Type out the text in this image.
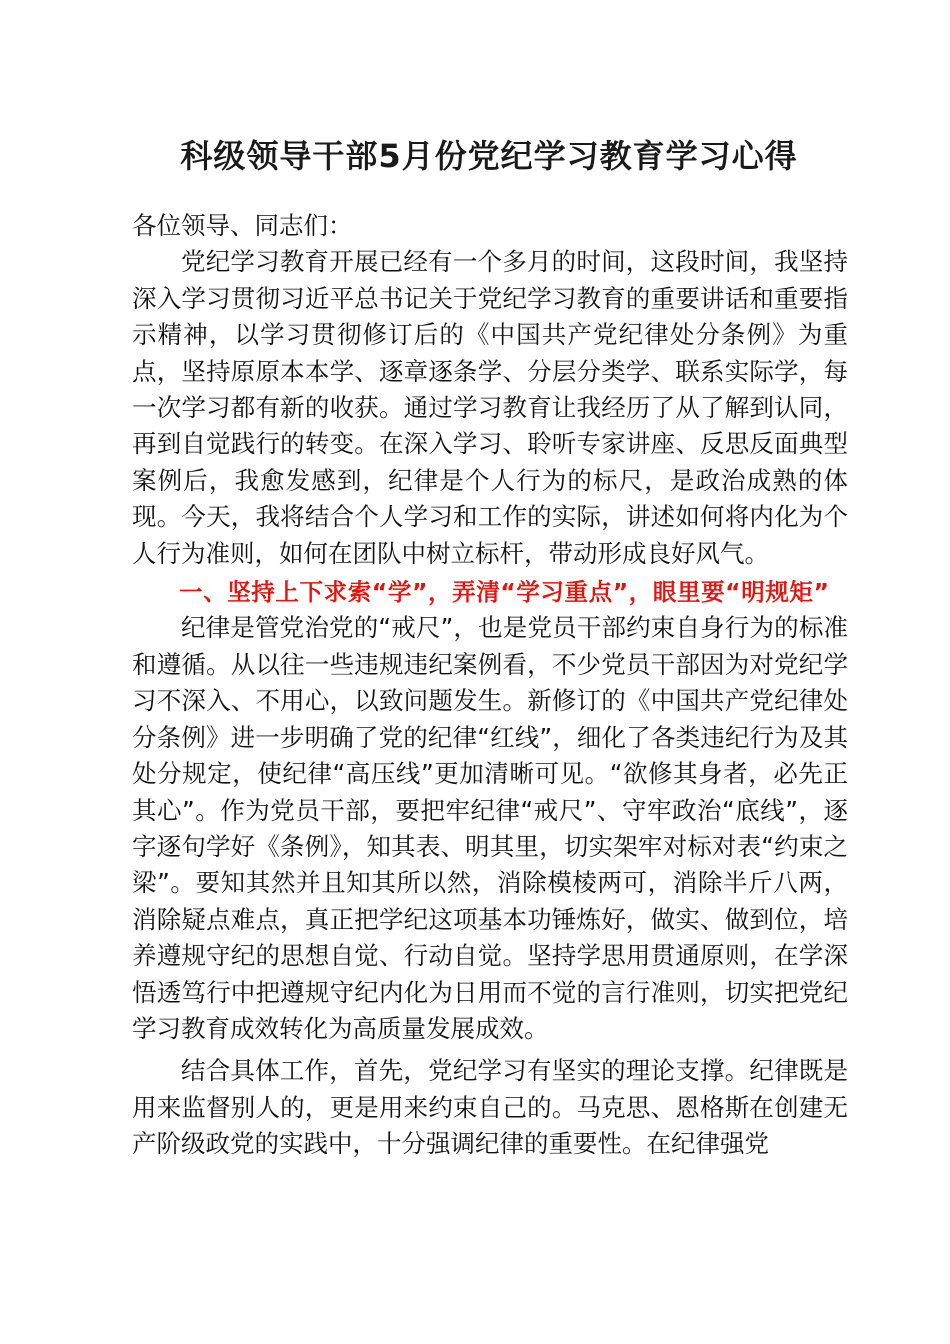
科级领导干部5月份党纪学习教育学习心得

各位领导、同志们：

党纪学习教育开展已经有一个多月的时间，这段时间，我坚持深入学习贯彻习近平总书记关于党纪学习教育的重要讲话和重要指示精神，以学习贯彻修订后的《中国共产党纪律处分条例》为重点，坚持原原本本学、逐章逐条学、分层分类学、联系实际学，每一次学习都有新的收获。通过学习教育让我经历了从了解到认同，再到自觉践行的转变。在深入学习、聆听专家讲座、反思反面典型案例后，我愈发感到，纪律是个人行为的标尺，是政治成熟的体现。今天，我将结合个人学习和工作的实际，讲述如何将内化为个人行为准则，如何在团队中树立标杆，带动形成良好风气。

一、坚持上下求索“学”，弄清“学习重点”，眼里要“明规矩”

纪律是管党治党的“戒尺”，也是党员干部约束自身行为的标准和遵循。从以往一些违规违纪案例看，不少党员干部因为对党纪学习不深入、不用心，以致问题发生。新修订的《中国共产党纪律处分条例》进一步明确了党的纪律“红线”，细化了各类违纪行为及其处分规定，使纪律“高压线”更加清晰可见。“欲修其身者，必先正其心”。作为党员干部，要把牢纪律“戒尺”、守牢政治“底线”，逐字逐句学好《条例》，知其表、明其里，切实架牢对标对表“约束之梁”。要知其然并且知其所以然，消除模棱两可，消除半斤八两，消除疑点难点，真正把学纪这项基本功锤炼好，做实、做到位，培养遵规守纪的思想自觉、行动自觉。坚持学思用贯通原则，在学深悟透笃行中把遵规守纪内化为日用而不觉的言行准则，切实把党纪学习教育成效转化为高质量发展成效。

结合具体工作，首先，党纪学习有坚实的理论支撑。纪律既是用来监督别人的，更是用来约束自己的。马克思、恩格斯在创建无产阶级政党的实践中，十分强调纪律的重要性。在纪律强党
